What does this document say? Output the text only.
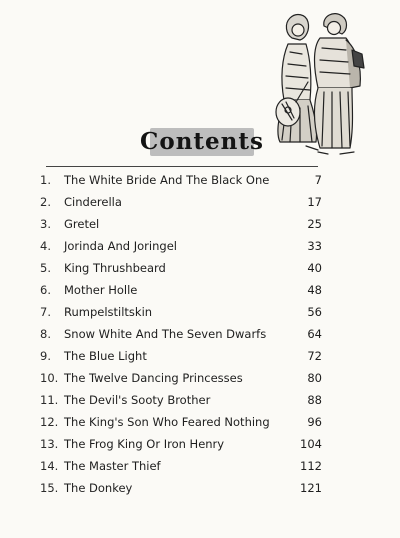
Contents
1.	The White Bride And The Black One	7
2.	Cinderella	17
3.	Gretel	25
4.	Jorinda And Joringel	33
5.	King Thrushbeard	40
6.	Mother Holle	48
7.	Rumpelstiltskin	56
8.	Snow White And The Seven Dwarfs	64
9.	The Blue Light	72
10. The Twelve Dancing Princesses	80
11. The Devil's Sooty Brother	88
12. The King's Son Who Feared Nothing	96
13. The Frog King Or Iron Henry	104
14. The Master Thief	112
15. The Donkey	121
